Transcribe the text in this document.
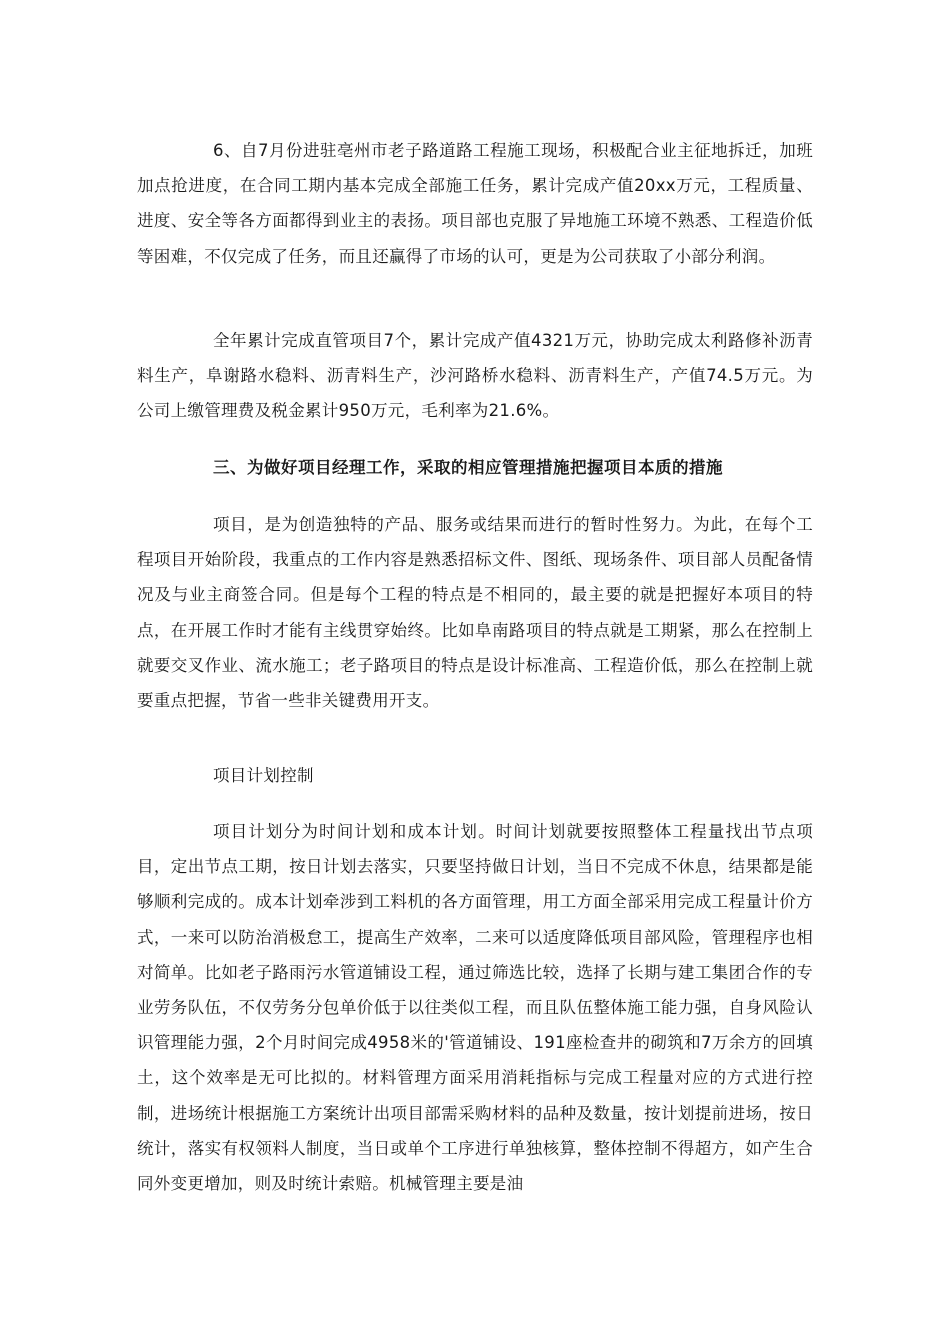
6、自7月份进驻亳州市老子路道路工程施工现场，积极配合业主征地拆迁，加班加点抢进度，在合同工期内基本完成全部施工任务，累计完成产值20xx万元，工程质量、进度、安全等各方面都得到业主的表扬。项目部也克服了异地施工环境不熟悉、工程造价低等困难，不仅完成了任务，而且还赢得了市场的认可，更是为公司获取了小部分利润。

全年累计完成直管项目7个，累计完成产值4321万元，协助完成太利路修补沥青料生产，阜谢路水稳料、沥青料生产，沙河路桥水稳料、沥青料生产，产值74.5万元。为公司上缴管理费及税金累计950万元，毛利率为21.6%。

三、为做好项目经理工作，采取的相应管理措施把握项目本质的措施

项目，是为创造独特的产品、服务或结果而进行的暂时性努力。为此，在每个工程项目开始阶段，我重点的工作内容是熟悉招标文件、图纸、现场条件、项目部人员配备情况及与业主商签合同。但是每个工程的特点是不相同的，最主要的就是把握好本项目的特点，在开展工作时才能有主线贯穿始终。比如阜南路项目的特点就是工期紧，那么在控制上就要交叉作业、流水施工；老子路项目的特点是设计标准高、工程造价低，那么在控制上就要重点把握，节省一些非关键费用开支。

项目计划控制

项目计划分为时间计划和成本计划。时间计划就要按照整体工程量找出节点项目，定出节点工期，按日计划去落实，只要坚持做日计划，当日不完成不休息，结果都是能够顺利完成的。成本计划牵涉到工料机的各方面管理，用工方面全部采用完成工程量计价方式，一来可以防治消极怠工，提高生产效率，二来可以适度降低项目部风险，管理程序也相对简单。比如老子路雨污水管道铺设工程，通过筛选比较，选择了长期与建工集团合作的专业劳务队伍，不仅劳务分包单价低于以往类似工程，而且队伍整体施工能力强，自身风险认识管理能力强，2个月时间完成4958米的'管道铺设、191座检查井的砌筑和7万余方的回填土，这个效率是无可比拟的。材料管理方面采用消耗指标与完成工程量对应的方式进行控制，进场统计根据施工方案统计出项目部需采购材料的品种及数量，按计划提前进场，按日统计，落实有权领料人制度，当日或单个工序进行单独核算，整体控制不得超方，如产生合同外变更增加，则及时统计索赔。机械管理主要是油
